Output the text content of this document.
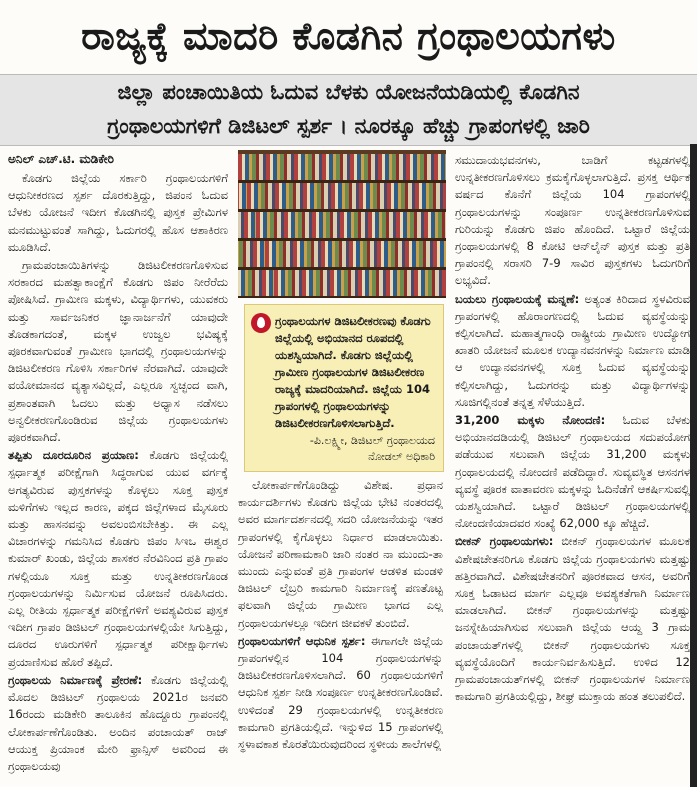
ರಾಜ್ಯಕ್ಕೆ ಮಾದರಿ ಕೊಡಗಿನ ಗ್ರಂಥಾಲಯಗಳು
ಜಿಲ್ಲಾ ಪಂಚಾಯಿತಿಯ ಓದುವ ಬೆಳಕು ಯೋಜನೆಯಡಿಯಲ್ಲಿ ಕೊಡಗಿನ
ಗ್ರಂಥಾಲಯಗಳಿಗೆ ಡಿಜಿಟಲ್ ಸ್ಪರ್ಶ । ನೂರಕ್ಕೂ ಹೆಚ್ಚು ಗ್ರಾಪಂಗಳಲ್ಲಿ ಜಾರಿ
ಅನಿಲ್ ಎಚ್.ಟಿ. ಮಡಿಕೇರಿ

ಕೊಡಗು ಜಿಲ್ಲೆಯ ಸರ್ಕಾರಿ ಗ್ರಂಥಾಲಯಗಳಿಗೆ ಆಧುನೀಕರಣದ ಸ್ಪರ್ಶ ದೊರಕುತ್ತಿದ್ದು, ಜಿಪಂನ ಓದುವ ಬೆಳಕು ಯೋಜನೆ ಇದೀಗ ಕೊಡಗಿನಲ್ಲಿ ಪುಸ್ತಕ ಪ್ರೇಮಿಗಳ ಮನಮುಟ್ಟುವಂತೆ ಸಾಗಿದ್ದು, ಓದುಗರಲ್ಲಿ ಹೊಸ ಆಶಾಕಿರಣ ಮೂಡಿಸಿದೆ.

ಗ್ರಾಮಪಂಚಾಯಿತಿಗಳನ್ನು ಡಿಜಿಟಲೀಕರಣಗೊಳಿಸುವ ಸರಕಾರದ ಮಹತ್ವಾಕಾಂಕ್ಷೆಗೆ ಕೊಡಗು ಜಿಪಂ ನೀರೆರೆದು ಪೋಷಿಸಿದೆ. ಗ್ರಾಮೀಣ ಮಕ್ಕಳು, ವಿದ್ಯಾರ್ಥಿಗಳು, ಯುವಕರು ಮತ್ತು ಸಾರ್ವಜನಿಕರ ಜ್ಞಾನಾರ್ಜನೆಗೆ ಯಾವುದೇ ತೊಡಕಾಗದಂತೆ, ಮಕ್ಕಳ ಉಜ್ವಲ ಭವಿಷ್ಯಕ್ಕೆ ಪೂರಕವಾಗುವಂತೆ ಗ್ರಾಮೀಣ ಭಾಗದಲ್ಲಿ ಗ್ರಂಥಾಲಯಗಳನ್ನು ಡಿಜಿಟಲೀಕರಣ ಗೊಳಿಸಿ ಸರ್ಕಾರಿಗಳ ನೆರವಾಗಿದೆ. ಯಾವುದೇ ವಯೋಮಾನದ ವ್ಯತ್ಯಾಸವಿಲ್ಲದೆ, ಎಲ್ಲರೂ ಸ್ವಚ್ಛಂದ ವಾಗಿ, ಪ್ರಶಾಂತವಾಗಿ ಓದಲು ಮತ್ತು ಅಧ್ಯಾಸ ನಡೆಸಲು ಅನ್ವಲೀಕರಣಗೊಂಡಿರುವ ಜಿಲ್ಲೆಯ ಗ್ರಂಥಾಲಯಗಳು ಪೂರಕವಾಗಿದೆ.

ತಪ್ಪಿತು ದೂರದೂರಿನ ಪ್ರಯಾಣ: ಕೊಡಗು ಜಿಲ್ಲೆಯಲ್ಲಿ ಸ್ಪರ್ಧಾತ್ಮಕ ಪರೀಕ್ಷೆಗಾಗಿ ಸಿದ್ಧರಾಗುವ ಯುವ ವರ್ಗಕ್ಕೆ ಅಗತ್ಯವಿರುವ ಪುಸ್ತಕಗಳನ್ನು ಕೊಳ್ಳಲು ಸೂಕ್ತ ಪುಸ್ತಕ ಮಳಿಗೆಗಳು ಇಲ್ಲದ ಕಾರಣ, ಪಕ್ಕದ ಜಿಲ್ಲೆಗಳಾದ ಮೈಸೂರು ಮತ್ತು ಹಾಸನವನ್ನು ಅವಲಂಬಿಸಬೇಕಿತ್ತು. ಈ ಎಲ್ಲ ವಿಚಾರಗಳನ್ನು ಗಮನಿಸಿದ ಕೊಡಗು ಜಿಪಂ ಸಿಇಒ ಈಶ್ವರ ಕುಮಾರ್ ಖಂಡು, ಜಿಲ್ಲೆಯ ಶಾಸಕರ ನೆರವಿನಿಂದ ಪ್ರತಿ ಗ್ರಾಪಂ ಗಳಲ್ಲಿಯೂ ಸೂಕ್ತ ಮತ್ತು ಉನ್ನತೀಕರಣಗೊಂಡ ಗ್ರಂಥಾಲಯಗಳನ್ನು ನಿರ್ಮಿಸುವ ಯೋಜನೆ ರೂಪಿಸಿದರು. ಎಲ್ಲ ರೀತಿಯ ಸ್ಪರ್ಧಾತ್ಮಕ ಪರೀಕ್ಷೆಗಳಿಗೆ ಅವಶ್ಯವಿರುವ ಪುಸ್ತಕ ಇದೀಗ ಗ್ರಾಪಂ ಡಿಜಿಟಲ್ ಗ್ರಂಥಾಲಯಗಳಲ್ಲಿಯೇ ಸಿಗುತ್ತಿದ್ದು, ದೂರದ ಊರುಗಳಿಗೆ ಸ್ಪರ್ಧಾತ್ಮಕ ಪರೀಕ್ಷಾರ್ಥಿಗಳು ಪ್ರಯಾಣಿಸುವ ಹೊರೆ ತಪ್ಪಿದೆ.

ಗ್ರಂಥಾಲಯ ನಿರ್ಮಾಣಕ್ಕೆ ಪ್ರೇರಣೆ: ಕೊಡಗು ಜಿಲ್ಲೆಯಲ್ಲಿ ಮೊದಲ ಡಿಜಿಟಲ್ ಗ್ರಂಥಾಲಯ 2021ರ ಜನವರಿ 16ರಂದು ಮಡಿಕೇರಿ ತಾಲೂಕಿನ ಹೊದ್ದೂರು ಗ್ರಾಪಂನಲ್ಲಿ ಲೋಕಾರ್ಪಣೆಗೊಂಡಿತು. ಅಂದಿನ ಪಂಚಾಯತ್ ರಾಜ್ ಆಯುಕ್ತ ಪ್ರಿಯಾಂಕ ಮೇರಿ ಫ್ರಾನ್ಸಿಸ್ ಅವರಿಂದ ಈ ಗ್ರಂಥಾಲಯವು

ಗ್ರಂಥಾಲಯಗಳ ಡಿಜಿಟಲೀಕರಣವು ಕೊಡಗು ಜಿಲ್ಲೆಯಲ್ಲಿ ಅಭಿಯಾನದ ರೂಪದಲ್ಲಿ ಯಶಸ್ವಿಯಾಗಿದೆ. ಕೊಡಗು ಜಿಲ್ಲೆಯಲ್ಲಿ ಗ್ರಾಮೀಣ ಗ್ರಂಥಾಲಯಗಳ ಡಿಜಿಟಲೀಕರಣ ರಾಜ್ಯಕ್ಕೆ ಮಾದರಿಯಾಗಿದೆ. ಜಿಲ್ಲೆಯ 104 ಗ್ರಾಪಂಗಳಲ್ಲಿ ಗ್ರಂಥಾಲಯಗಳನ್ನು ಡಿಜಿಟಲೀಕರಣಗೊಳಿಸಲಾಗುತ್ತಿದೆ.
-ಪಿ.ಲಕ್ಷ್ಮೀ, ಡಿಜಿಟಲ್ ಗ್ರಂಥಾಲಯದ
ನೋಡಲ್ ಅಧಿಕಾರಿ

ಲೋಕಾರ್ಪಣೆಗೊಂಡಿದ್ದು ವಿಶೇಷ. ಪ್ರಧಾನ ಕಾರ್ಯದರ್ಶಿಗಳು ಕೊಡಗು ಜಿಲ್ಲೆಯ ಭೇಟಿ ನಂತರದಲ್ಲಿ ಅವರ ಮಾರ್ಗದರ್ಶನದಲ್ಲಿ ಸದರಿ ಯೋಜನೆಯನ್ನು ಇತರ ಗ್ರಾಪಂಗಳಲ್ಲಿ ಕೈಗೊಳ್ಳಲು ನಿರ್ಧಾರ ಮಾಡಲಾಯಿತು. ಯೋಜನೆ ಪರಿಣಾಮಕಾರಿ ಜಾರಿ ನಂತರ ನಾ ಮುಂದು-ತಾ ಮುಂದು ಎನ್ನುವಂತೆ ಪ್ರತಿ ಗ್ರಾಪಂಗಳ ಆಡಳಿತ ಮಂಡಳಿ ಡಿಜಿಟಲ್ ಲೈಬ್ರರಿ ಕಾಮಗಾರಿ ನಿರ್ಮಾಣಕ್ಕೆ ಪಣತೊಟ್ಟ ಫಲವಾಗಿ ಜಿಲ್ಲೆಯ ಗ್ರಾಮೀಣ ಭಾಗದ ಎಲ್ಲ ಗ್ರಂಥಾಲಯಗಳಲ್ಲೂ ಇದೀಗ ಜೀವಕಳೆ ತುಂಬಿದೆ.

ಗ್ರಂಥಾಲಯಗಳಿಗೆ ಆಧುನಿಕ ಸ್ಪರ್ಶ: ಈಗಾಗಲೇ ಜಿಲ್ಲೆಯ ಗ್ರಾಪಂಗಳಲ್ಲಿನ 104 ಗ್ರಂಥಾಲಯಗಳನ್ನು ಡಿಜಿಟಲೀಕರಣಗೊಳಿಸಲಾಗಿದೆ. 60 ಗ್ರಂಥಾಲಯಗಳಿಗೆ ಆಧುನಿಕ ಸ್ಪರ್ಶ ನೀಡಿ ಸಂಪೂರ್ಣ ಉನ್ನತೀಕರಣಗೊಂಡಿವೆ. ಉಳಿದಂತೆ 29 ಗ್ರಂಥಾಲಯಗಳಲ್ಲಿ ಉನ್ನತೀಕರಣ ಕಾಮಗಾರಿ ಪ್ರಗತಿಯಲ್ಲಿದೆ. ಇನ್ನುಳಿದ 15 ಗ್ರಾಪಂಗಳಲ್ಲಿ ಸ್ಥಳಾವಕಾಶ ಕೊರತೆಯಿರುವುದರಿಂದ ಸ್ಥಳೀಯ ಶಾಲೆಗಳಲ್ಲಿ

ಸಮುದಾಯಭವನಗಳು, ಬಾಡಿಗೆ ಕಟ್ಟಡಗಳಲ್ಲಿ ಉನ್ನತೀಕರಣಗೊಳಿಸಲು ಕ್ರಮಕೈಗೊಳ್ಳಲಾಗುತ್ತಿದೆ. ಪ್ರಸಕ್ತ ಆರ್ಥಿಕ ವರ್ಷದ ಕೊನೆಗೆ ಜಿಲ್ಲೆಯ 104 ಗ್ರಾಪಂಗಳಲ್ಲಿ ಗ್ರಂಥಾಲಯಗಳನ್ನು ಸಂಪೂರ್ಣ ಉನ್ನತೀಕರಣಗೊಳಿಸುವ ಗುರಿಯನ್ನು ಕೊಡಗು ಜಿಪಂ ಹೊಂದಿದೆ. ಒಟ್ಟಾರೆ ಜಿಲ್ಲೆಯ ಗ್ರಂಥಾಲಯಗಳಲ್ಲಿ 8 ಕೋಟಿ ಆನ್‌ಲೈನ್ ಪುಸ್ತಕ ಮತ್ತು ಪ್ರತಿ ಗ್ರಾಪಂನಲ್ಲಿ ಸರಾಸರಿ 7-9 ಸಾವಿರ ಪುಸ್ತಕಗಳು ಓದುಗರಿಗೆ ಲಭ್ಯವಿದೆ.

ಬಯಲು ಗ್ರಂಥಾಲಯಕ್ಕೆ ಮನ್ನಣೆ: ಅತ್ಯಂತ ಕಿರಿದಾದ ಸ್ಥಳವಿರುವ ಗ್ರಾಪಂಗಳಲ್ಲಿ ಹೊರಾಂಗಣದಲ್ಲಿ ಓದುವ ವ್ಯವಸ್ಥೆಯನ್ನು ಕಲ್ಪಿಸಲಾಗಿದೆ. ಮಹಾತ್ಮಗಾಂಧಿ ರಾಷ್ಟ್ರೀಯ ಗ್ರಾಮೀಣ ಉದ್ಯೋಗ ಖಾತರಿ ಯೋಜನೆ ಮೂಲಕ ಉದ್ಯಾನವನಗಳನ್ನು ನಿರ್ಮಾಣ ಮಾಡಿ ಆ ಉದ್ಯಾನವನಗಳಲ್ಲಿ ಸೂಕ್ತ ಓದುವ ವ್ಯವಸ್ಥೆಯನ್ನು ಕಲ್ಪಿಸಲಾಗಿದ್ದು, ಓದುಗರನ್ನು ಮತ್ತು ವಿದ್ಯಾರ್ಥಿಗಳನ್ನು ಸೂಜಿಗಲ್ಲಿನಂತೆ ತನ್ನತ್ತ ಸೆಳೆಯುತ್ತಿದೆ.

31,200 ಮಕ್ಕಳು ನೋಂದಣಿ: ಓದುವ ಬೆಳಕು ಅಭಿಯಾನದಡಿಯಲ್ಲಿ ಡಿಜಿಟಲ್ ಗ್ರಂಥಾಲಯದ ಸದುಪಯೋಗ ಪಡೆಯುವ ಸಲುವಾಗಿ ಜಿಲ್ಲೆಯ 31,200 ಮಕ್ಕಳು ಗ್ರಂಥಾಲಯದಲ್ಲಿ ನೋಂದಣಿ ಪಡೆದಿದ್ದಾರೆ. ಸುವ್ಯವಸ್ಥಿತ ಆಸನಗಳ ವ್ಯವಸ್ಥೆ ಪೂರಕ ವಾತಾವರಣ ಮಕ್ಕಳನ್ನು ಓದಿನೆಡೆಗೆ ಆಕರ್ಷಿಸುವಲ್ಲಿ ಯಶಸ್ವಿಯಾಗಿದೆ. ಒಟ್ಟಾರೆ ಡಿಜಿಟಲ್ ಗ್ರಂಥಾಲಯಗಳಲ್ಲಿ ನೋಂದಣಿಯಾದವರ ಸಂಖ್ಯೆ 62,000 ಕ್ಕೂ ಹೆಚ್ಚಿದೆ.

ಬೀಕನ್ ಗ್ರಂಥಾಲಯಗಳು: ಬೀಕನ್ ಗ್ರಂಥಾಲಯಗಳ ಮೂಲಕ ವಿಶೇಷಚೇತನರಿಗೂ ಕೊಡಗು ಜಿಲ್ಲೆಯ ಗ್ರಂಥಾಲಯಗಳು ಮತ್ತಷ್ಟು ಹತ್ತಿರವಾಗಿದೆ. ವಿಶೇಷಚೇತನರಿಗೆ ಪೂರಕವಾದ ಆಸನ, ಅವರಿಗೆ ಸೂಕ್ತ ಓಡಾಟದ ಮಾರ್ಗ ಎಲ್ಲವೂ ಅವಶ್ಯಕತೆಗಾಗಿ ನಿರ್ಮಾಣ ಮಾಡಲಾಗಿದೆ. ಬೀಕನ್ ಗ್ರಂಥಾಲಯಗಳನ್ನು ಮತ್ತಷ್ಟು ಜನಸ್ನೇಹಿಯಾಗಿಸುವ ಸಲುವಾಗಿ ಜಿಲ್ಲೆಯ ಆಯ್ದ 3 ಗ್ರಾಮ ಪಂಚಾಯತ್‌ಗಳಲ್ಲಿ ಬೀಕನ್ ಗ್ರಂಥಾಲಯಗಳು ಸೂಕ್ತ ವ್ಯವಸ್ಥೆಯೊಂದಿಗೆ ಕಾರ್ಯನಿರ್ವಹಿಸುತ್ತಿದೆ. ಉಳಿದ 12 ಗ್ರಾಮಪಂಚಾಯತ್‌ಗಳಲ್ಲಿ ಬೀಕನ್ ಗ್ರಂಥಾಲಯಗಳ ನಿರ್ಮಾಣ ಕಾಮಗಾರಿ ಪ್ರಗತಿಯಲ್ಲಿದ್ದು, ಶೀಘ್ರ ಮುಕ್ತಾಯ ಹಂತ ತಲುಪಲಿದೆ.
